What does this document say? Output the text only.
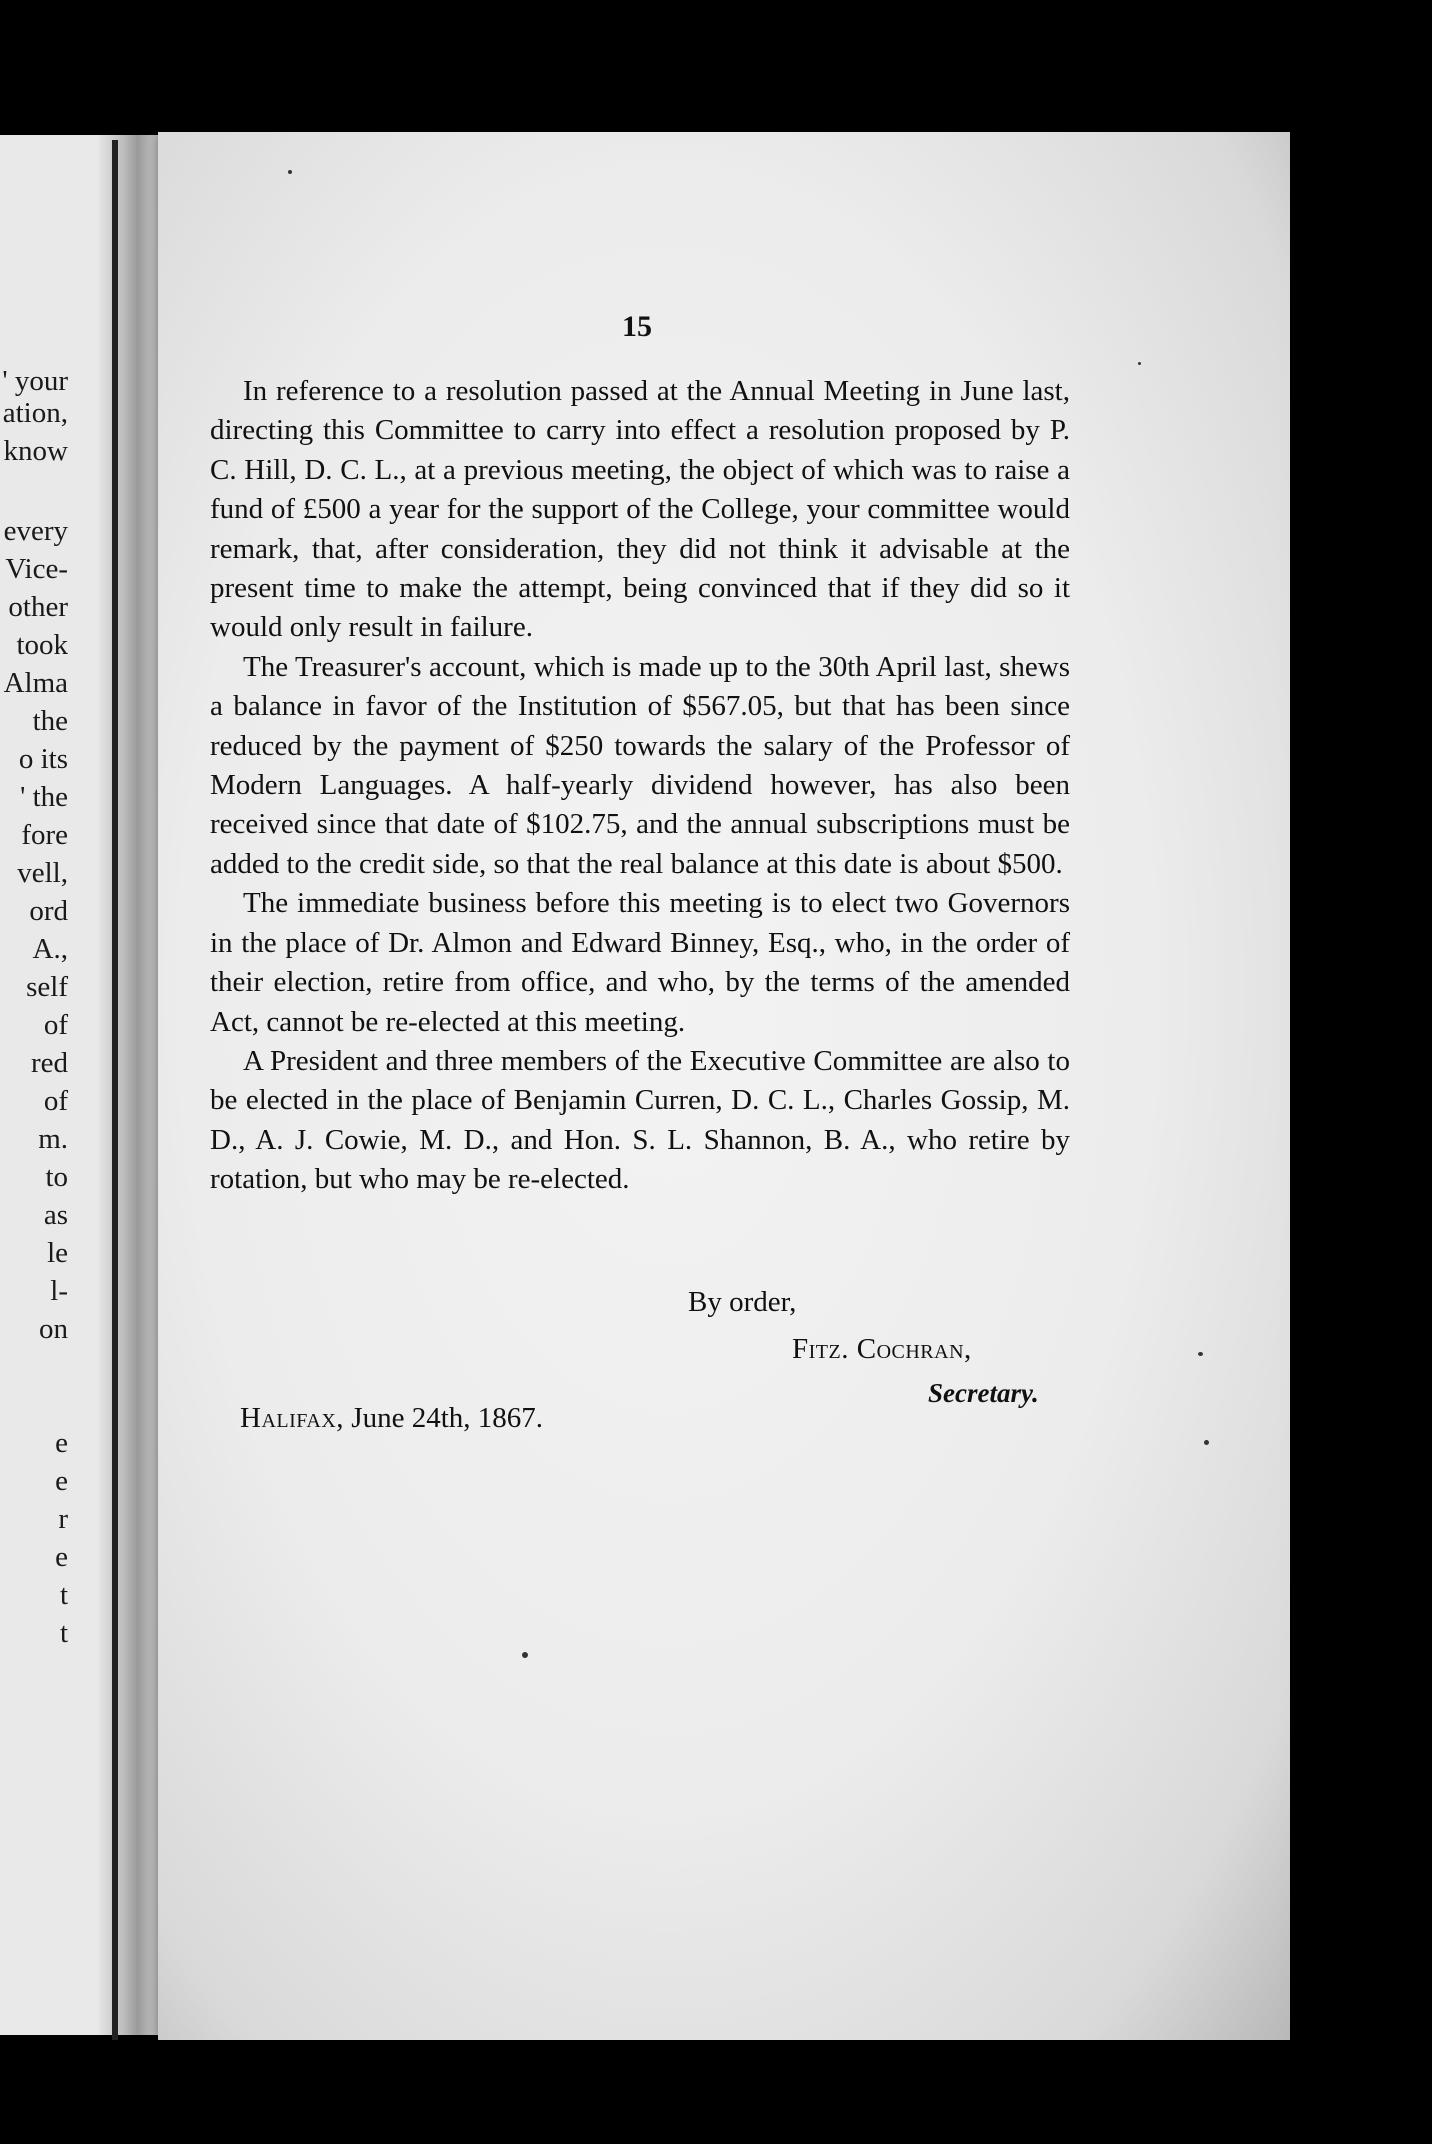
' your
ation,
know
every
Vice-
other
took
Alma
the
o its
' the
fore
vell,
ord
A.,
self
of
red
of
m.
to
as
le
l-
on
e
e
r
e
t
t
15

In reference to a resolution passed at the Annual Meeting in June last, directing this Committee to carry into effect a resolution proposed by P. C. Hill, D. C. L., at a previous meeting, the object of which was to raise a fund of £500 a year for the support of the College, your committee would remark, that, after consideration, they did not think it advisable at the present time to make the attempt, being convinced that if they did so it would only result in failure.

The Treasurer's account, which is made up to the 30th April last, shews a balance in favor of the Institution of $567.05, but that has been since reduced by the payment of $250 towards the salary of the Professor of Modern Languages. A half-yearly dividend however, has also been received since that date of $102.75, and the annual subscriptions must be added to the credit side, so that the real balance at this date is about $500.

The immediate business before this meeting is to elect two Governors in the place of Dr. Almon and Edward Binney, Esq., who, in the order of their election, retire from office, and who, by the terms of the amended Act, cannot be re-elected at this meeting.

A President and three members of the Executive Committee are also to be elected in the place of Benjamin Curren, D. C. L., Charles Gossip, M. D., A. J. Cowie, M. D., and Hon. S. L. Shannon, B. A., who retire by rotation, but who may be re-elected.

By order,
Fitz. Cochran,
Secretary.
Halifax, June 24th, 1867.
